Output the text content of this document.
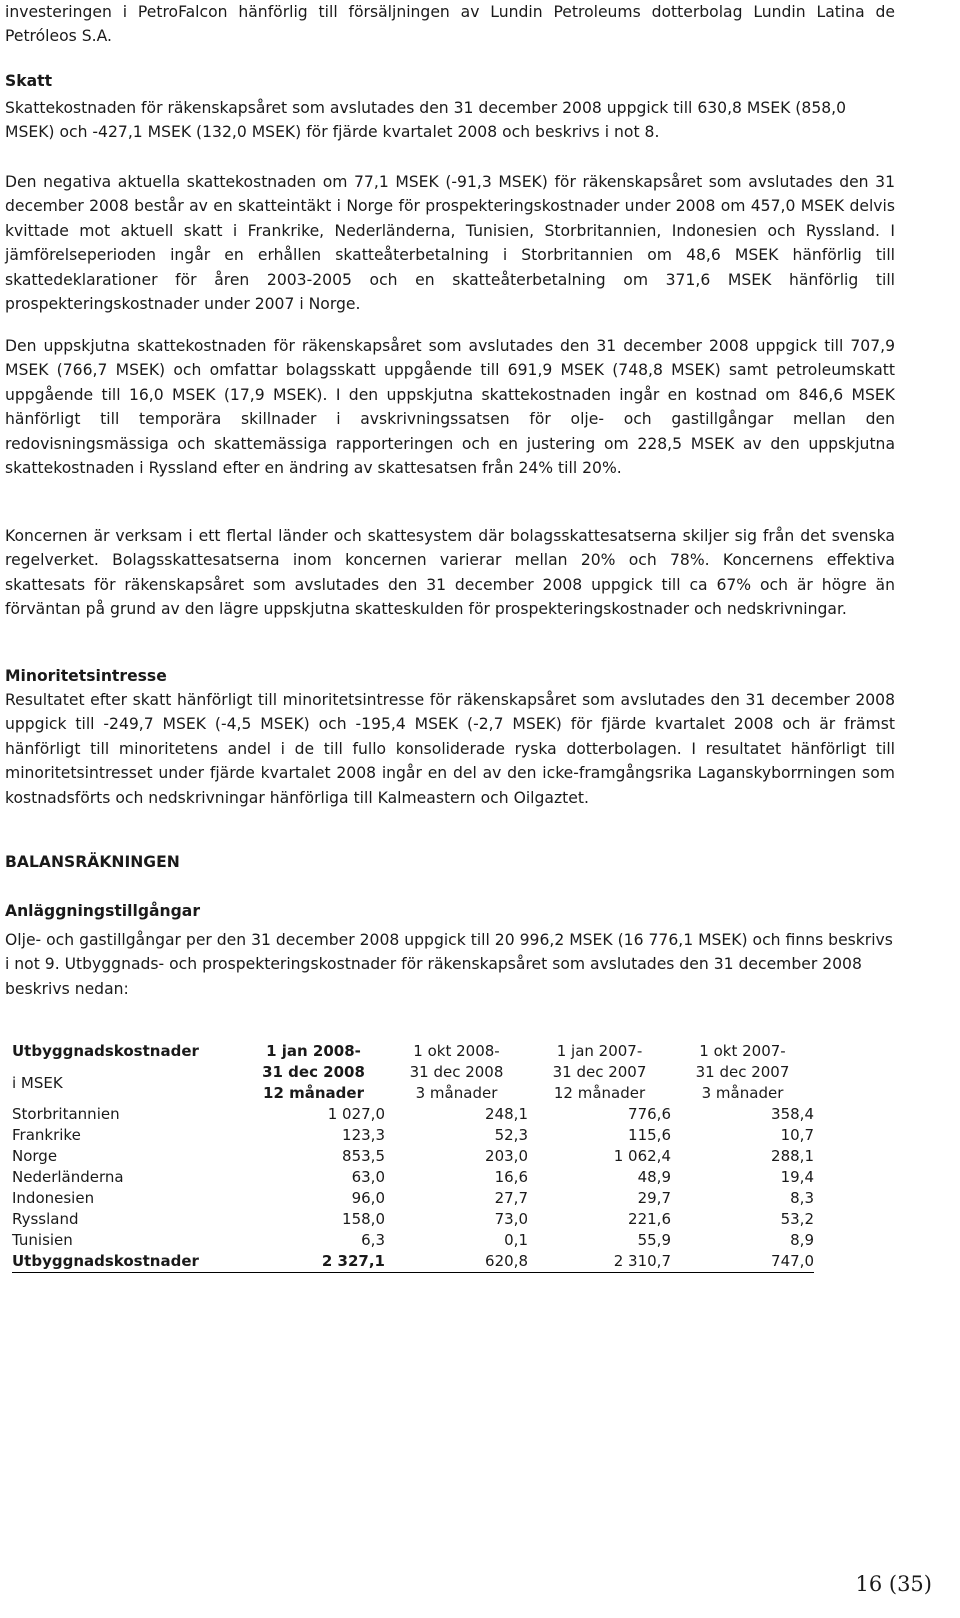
investeringen i PetroFalcon hänförlig till försäljningen av Lundin Petroleums dotterbolag Lundin Latina de Petróleos S.A.

Skatt

Skattekostnaden för räkenskapsåret som avslutades den 31 december 2008 uppgick till 630,8 MSEK (858,0 MSEK) och -427,1 MSEK (132,0 MSEK) för fjärde kvartalet 2008 och beskrivs i not 8.

Den negativa aktuella skattekostnaden om 77,1 MSEK (-91,3 MSEK) för räkenskapsåret som avslutades den 31 december 2008 består av en skatteintäkt i Norge för prospekteringskostnader under 2008 om 457,0 MSEK delvis kvittade mot aktuell skatt i Frankrike, Nederländerna, Tunisien, Storbritannien, Indonesien och Ryssland. I jämförelseperioden ingår en erhållen skatteåterbetalning i Storbritannien om 48,6 MSEK hänförlig till skattedeklarationer för åren 2003-2005 och en skatteåterbetalning om 371,6 MSEK hänförlig till prospekteringskostnader under 2007 i Norge.

Den uppskjutna skattekostnaden för räkenskapsåret som avslutades den 31 december 2008 uppgick till 707,9 MSEK (766,7 MSEK) och omfattar bolagsskatt uppgående till 691,9 MSEK (748,8 MSEK) samt petroleumskatt uppgående till 16,0 MSEK (17,9 MSEK). I den uppskjutna skattekostnaden ingår en kostnad om 846,6 MSEK hänförligt till temporära skillnader i avskrivningssatsen för olje- och gastillgångar mellan den redovisningsmässiga och skattemässiga rapporteringen och en justering om 228,5 MSEK av den uppskjutna skattekostnaden i Ryssland efter en ändring av skattesatsen från 24% till 20%.

Koncernen är verksam i ett flertal länder och skattesystem där bolagsskattesatserna skiljer sig från det svenska regelverket. Bolagsskattesatserna inom koncernen varierar mellan 20% och 78%. Koncernens effektiva skattesats för räkenskapsåret som avslutades den 31 december 2008 uppgick till ca 67% och är högre än förväntan på grund av den lägre uppskjutna skatteskulden för prospekteringskostnader och nedskrivningar.

Minoritetsintresse

Resultatet efter skatt hänförligt till minoritetsintresse för räkenskapsåret som avslutades den 31 december 2008 uppgick till -249,7 MSEK (-4,5 MSEK) och -195,4 MSEK (-2,7 MSEK) för fjärde kvartalet 2008 och är främst hänförligt till minoritetens andel i de till fullo konsoliderade ryska dotterbolagen. I resultatet hänförligt till minoritetsintresset under fjärde kvartalet 2008 ingår en del av den icke-framgångsrika Laganskyborrningen som kostnadsförts och nedskrivningar hänförliga till Kalmeastern och Oilgaztet.

BALANSRÄKNINGEN

Anläggningstillgångar

Olje- och gastillgångar per den 31 december 2008 uppgick till 20 996,2 MSEK (16 776,1 MSEK) och finns beskrivs i not 9. Utbyggnads- och prospekteringskostnader för räkenskapsåret som avslutades den 31 december 2008 beskrivs nedan:

Utbyggnadskostnader	1 jan 2008-	1 okt 2008-	1 jan 2007-	1 okt 2007-
	31 dec 2008	31 dec 2008	31 dec 2007	31 dec 2007
i MSEK	12 månader	3 månader	12 månader	3 månader
Storbritannien	1 027,0	248,1	776,6	358,4
Frankrike	123,3	52,3	115,6	10,7
Norge	853,5	203,0	1 062,4	288,1
Nederländerna	63,0	16,6	48,9	19,4
Indonesien	96,0	27,7	29,7	8,3
Ryssland	158,0	73,0	221,6	53,2
Tunisien	6,3	0,1	55,9	8,9
Utbyggnadskostnader	2 327,1	620,8	2 310,7	747,0
16 (35)
